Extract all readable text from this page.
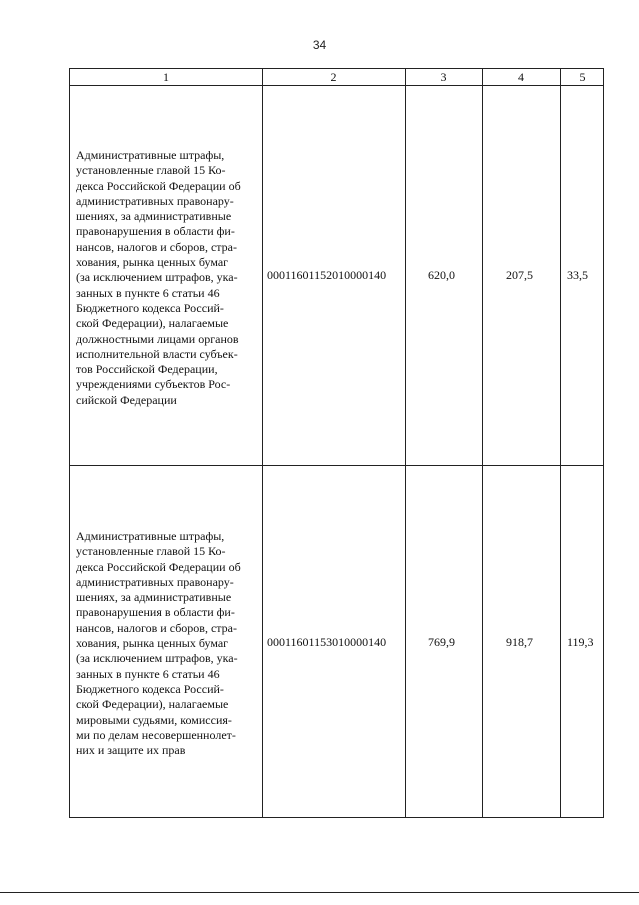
34
1	2	3	4	5
Административные штрафы,
установленные главой 15 Ко-
декса Российской Федерации об
административных правонару-
шениях, за административные
правонарушения в области фи-
нансов, налогов и сборов, стра-
хования, рынка ценных бумаг
(за исключением штрафов, ука-
занных в пункте 6 статьи 46
Бюджетного кодекса Россий-
ской Федерации), налагаемые
должностными лицами органов
исполнительной власти субъек-
тов Российской Федерации,
учреждениями субъектов Рос-
сийской Федерации
00011601152010000140	620,0	207,5	33,5
Административные штрафы,
установленные главой 15 Ко-
декса Российской Федерации об
административных правонару-
шениях, за административные
правонарушения в области фи-
нансов, налогов и сборов, стра-
хования, рынка ценных бумаг
(за исключением штрафов, ука-
занных в пункте 6 статьи 46
Бюджетного кодекса Россий-
ской Федерации), налагаемые
мировыми судьями, комиссия-
ми по делам несовершеннолет-
них и защите их прав
00011601153010000140	769,9	918,7	119,3
